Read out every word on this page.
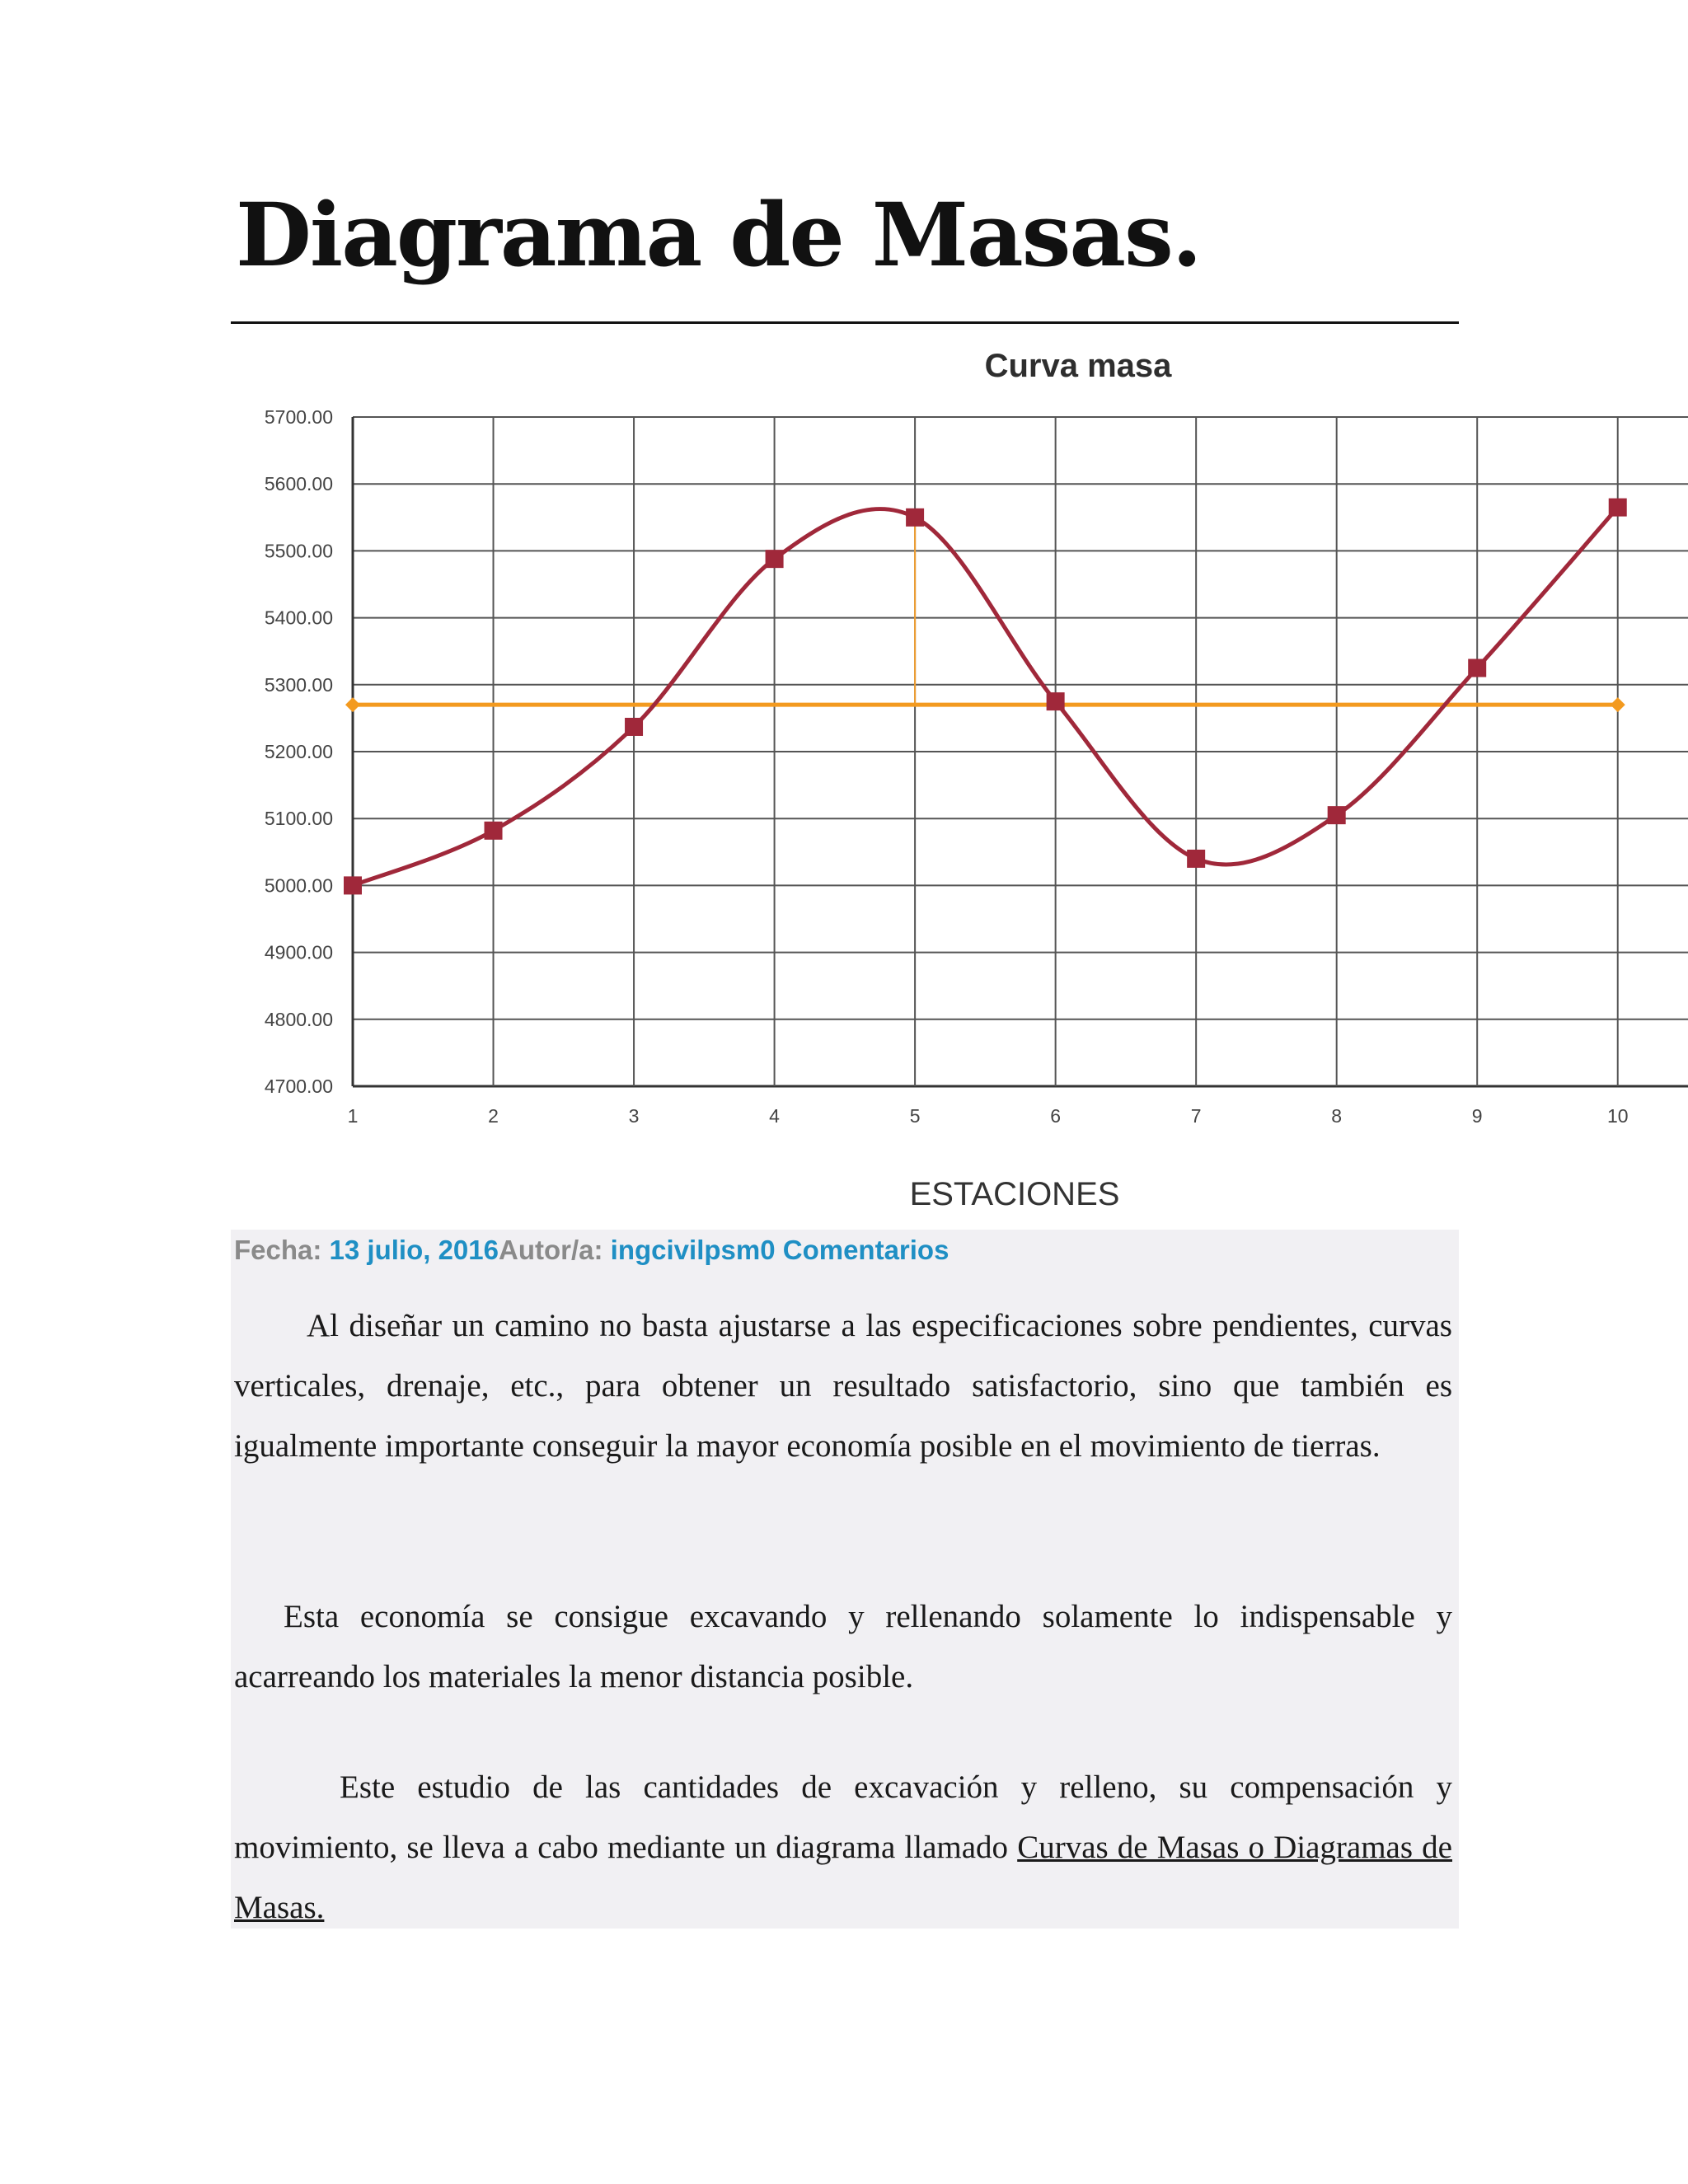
Diagrama de Masas.
Curva masa
4700.00
4800.00
4900.00
5000.00
5100.00
5200.00
5300.00
5400.00
5500.00
5600.00
5700.00
1	2	3	4	5	6	7	8	9	10
ESTACIONES
Fecha: 13 julio, 2016Autor/a: ingcivilpsm0 Comentarios

Al diseñar un camino no basta ajustarse a las especificaciones sobre pendientes, curvas verticales, drenaje, etc., para obtener un resultado satisfactorio, sino que también es igualmente importante conseguir la mayor economía posible en el movimiento de tierras.

Esta economía se consigue excavando y rellenando solamente lo indispensable y acarreando los materiales la menor distancia posible.

Este estudio de las cantidades de excavación y relleno, su compensación y movimiento, se lleva a cabo mediante un diagrama llamado Curvas de Masas o Diagramas de Masas.
